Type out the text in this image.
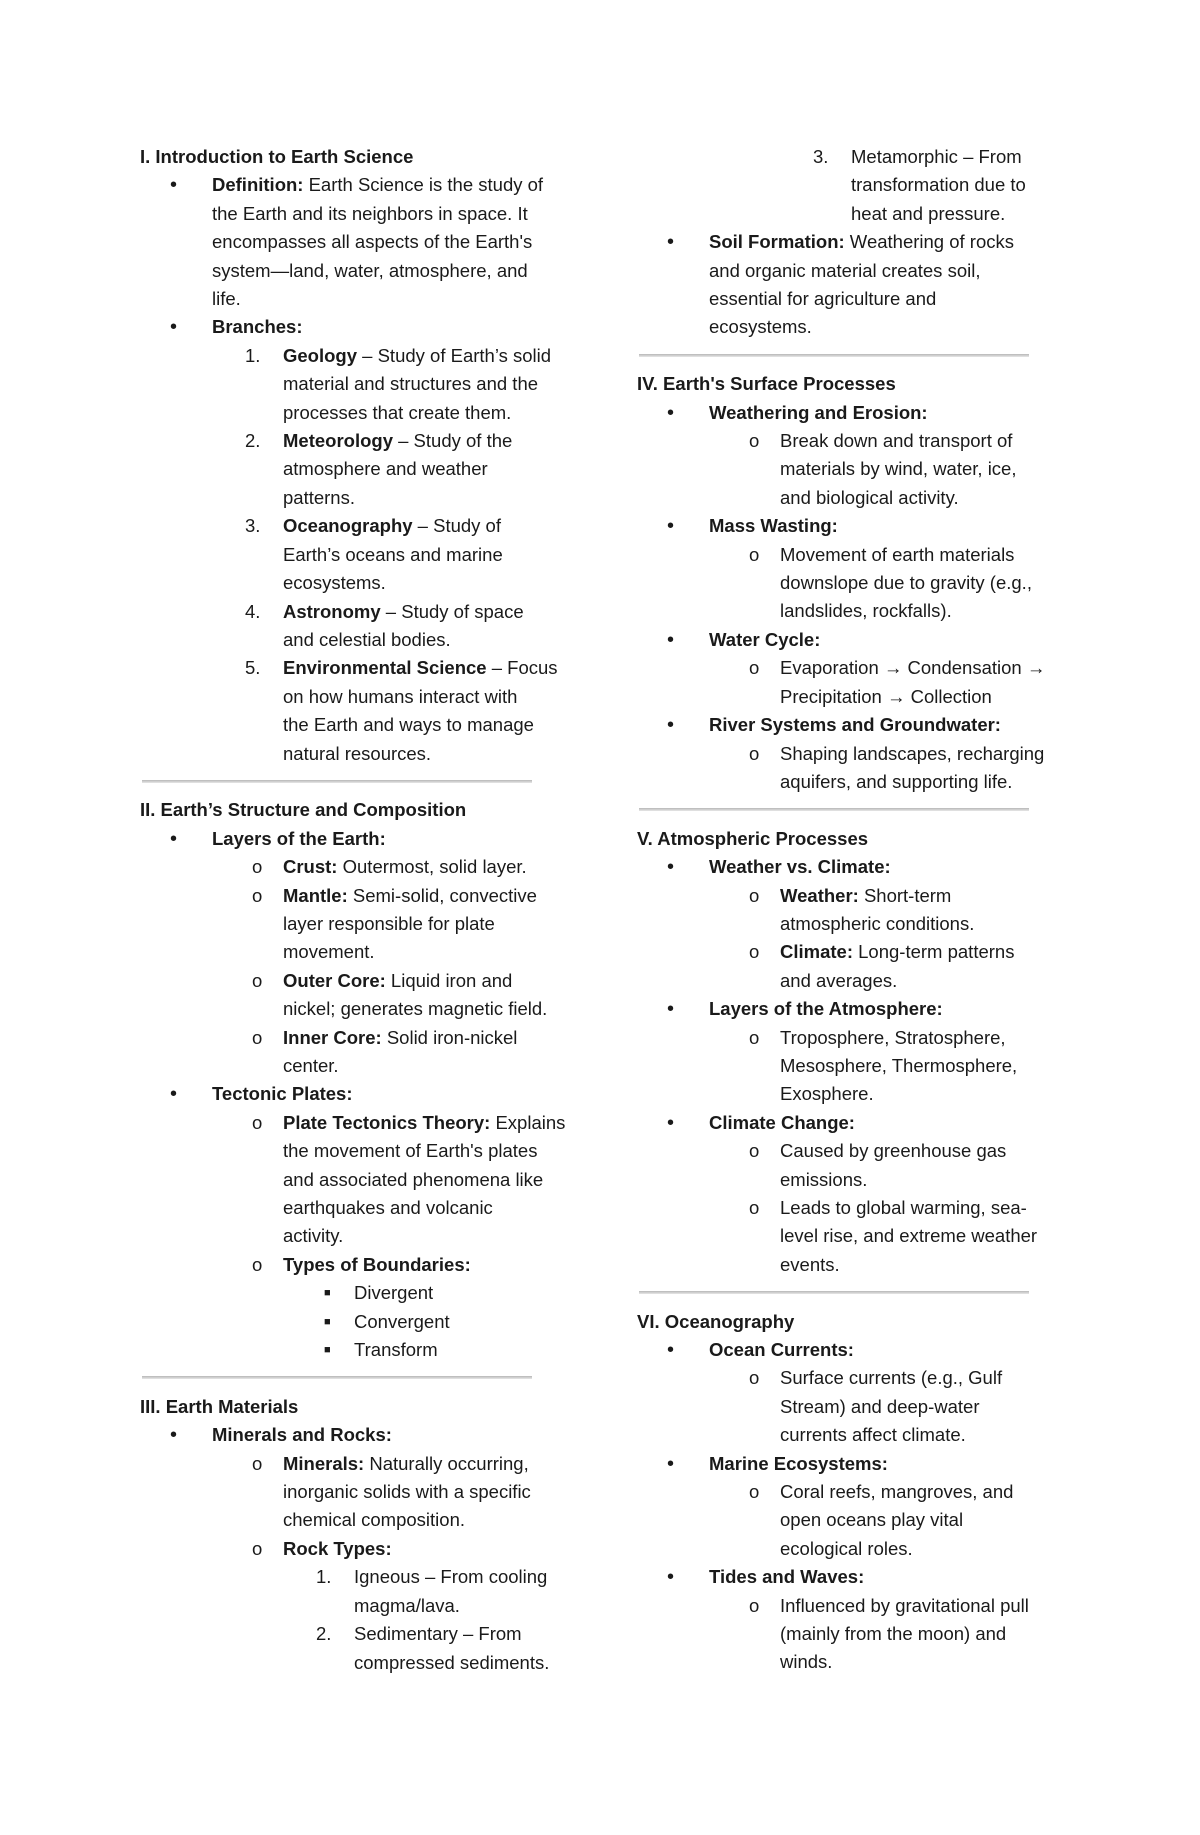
I. Introduction to Earth Science
• Definition: Earth Science is the study of
the Earth and its neighbors in space. It
encompasses all aspects of the Earth's
system—land, water, atmosphere, and
life.
• Branches:
1. Geology – Study of Earth’s solid
material and structures and the
processes that create them.
2. Meteorology – Study of the
atmosphere and weather
patterns.
3. Oceanography – Study of
Earth’s oceans and marine
ecosystems.
4. Astronomy – Study of space
and celestial bodies.
5. Environmental Science – Focus
on how humans interact with
the Earth and ways to manage
natural resources.
II. Earth’s Structure and Composition
• Layers of the Earth:
o Crust: Outermost, solid layer.
o Mantle: Semi-solid, convective
layer responsible for plate
movement.
o Outer Core: Liquid iron and
nickel; generates magnetic field.
o Inner Core: Solid iron-nickel
center.
• Tectonic Plates:
o Plate Tectonics Theory: Explains
the movement of Earth's plates
and associated phenomena like
earthquakes and volcanic
activity.
o Types of Boundaries:
■ Divergent
■ Convergent
■ Transform
III. Earth Materials
• Minerals and Rocks:
o Minerals: Naturally occurring,
inorganic solids with a specific
chemical composition.
o Rock Types:
1. Igneous – From cooling
magma/lava.
2. Sedimentary – From
compressed sediments.
3. Metamorphic – From
transformation due to
heat and pressure.
• Soil Formation: Weathering of rocks
and organic material creates soil,
essential for agriculture and
ecosystems.
IV. Earth's Surface Processes
• Weathering and Erosion:
o Break down and transport of
materials by wind, water, ice,
and biological activity.
• Mass Wasting:
o Movement of earth materials
downslope due to gravity (e.g.,
landslides, rockfalls).
• Water Cycle:
o Evaporation → Condensation →
Precipitation → Collection
• River Systems and Groundwater:
o Shaping landscapes, recharging
aquifers, and supporting life.
V. Atmospheric Processes
• Weather vs. Climate:
o Weather: Short-term
atmospheric conditions.
o Climate: Long-term patterns
and averages.
• Layers of the Atmosphere:
o Troposphere, Stratosphere,
Mesosphere, Thermosphere,
Exosphere.
• Climate Change:
o Caused by greenhouse gas
emissions.
o Leads to global warming, sea-
level rise, and extreme weather
events.
VI. Oceanography
• Ocean Currents:
o Surface currents (e.g., Gulf
Stream) and deep-water
currents affect climate.
• Marine Ecosystems:
o Coral reefs, mangroves, and
open oceans play vital
ecological roles.
• Tides and Waves:
o Influenced by gravitational pull
(mainly from the moon) and
winds.
